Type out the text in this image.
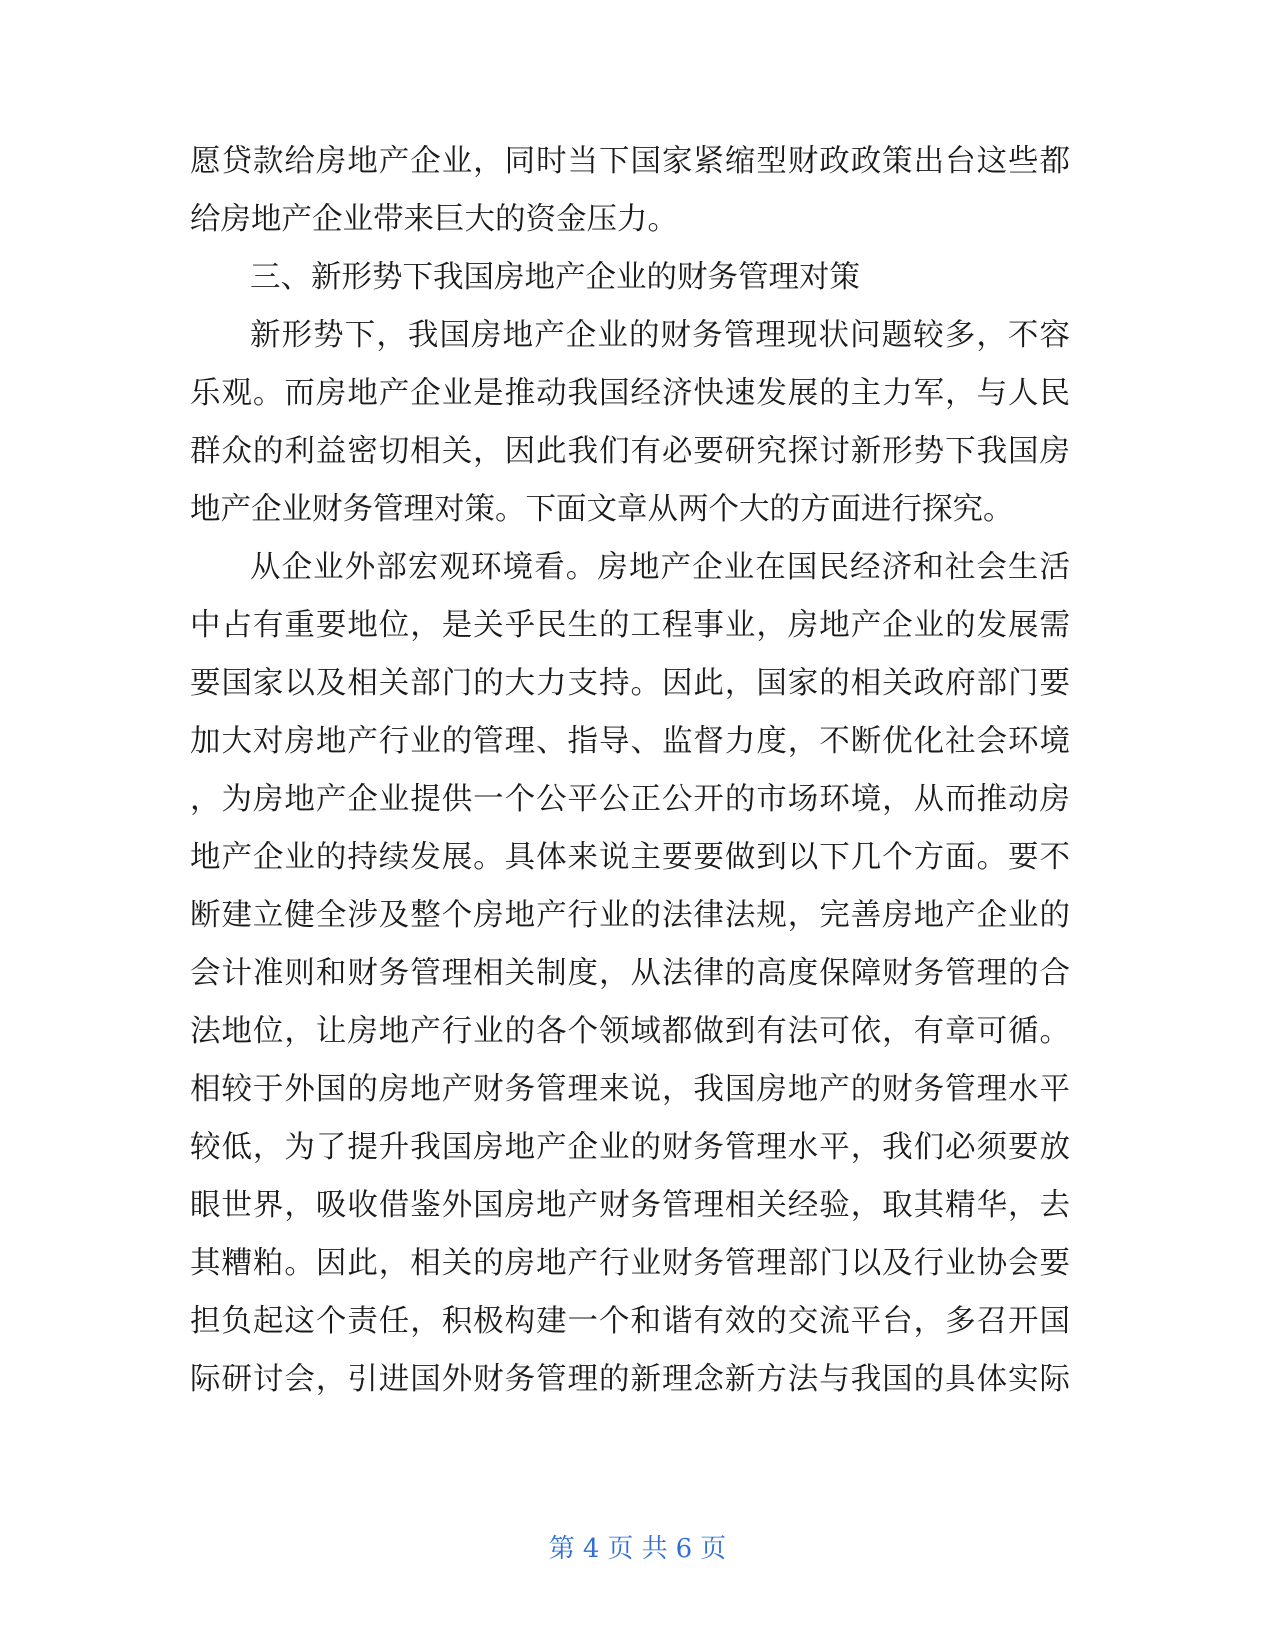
愿贷款给房地产企业，同时当下国家紧缩型财政政策出台这些都
给房地产企业带来巨大的资金压力。
三、新形势下我国房地产企业的财务管理对策
新形势下，我国房地产企业的财务管理现状问题较多，不容
乐观。而房地产企业是推动我国经济快速发展的主力军，与人民
群众的利益密切相关，因此我们有必要研究探讨新形势下我国房
地产企业财务管理对策。下面文章从两个大的方面进行探究。
从企业外部宏观环境看。房地产企业在国民经济和社会生活
中占有重要地位，是关乎民生的工程事业，房地产企业的发展需
要国家以及相关部门的大力支持。因此，国家的相关政府部门要
加大对房地产行业的管理、指导、监督力度，不断优化社会环境
，为房地产企业提供一个公平公正公开的市场环境，从而推动房
地产企业的持续发展。具体来说主要要做到以下几个方面。要不
断建立健全涉及整个房地产行业的法律法规，完善房地产企业的
会计准则和财务管理相关制度，从法律的高度保障财务管理的合
法地位，让房地产行业的各个领域都做到有法可依，有章可循。
相较于外国的房地产财务管理来说，我国房地产的财务管理水平
较低，为了提升我国房地产企业的财务管理水平，我们必须要放
眼世界，吸收借鉴外国房地产财务管理相关经验，取其精华，去
其糟粕。因此，相关的房地产行业财务管理部门以及行业协会要
担负起这个责任，积极构建一个和谐有效的交流平台，多召开国
际研讨会，引进国外财务管理的新理念新方法与我国的具体实际
第 4 页 共 6 页
